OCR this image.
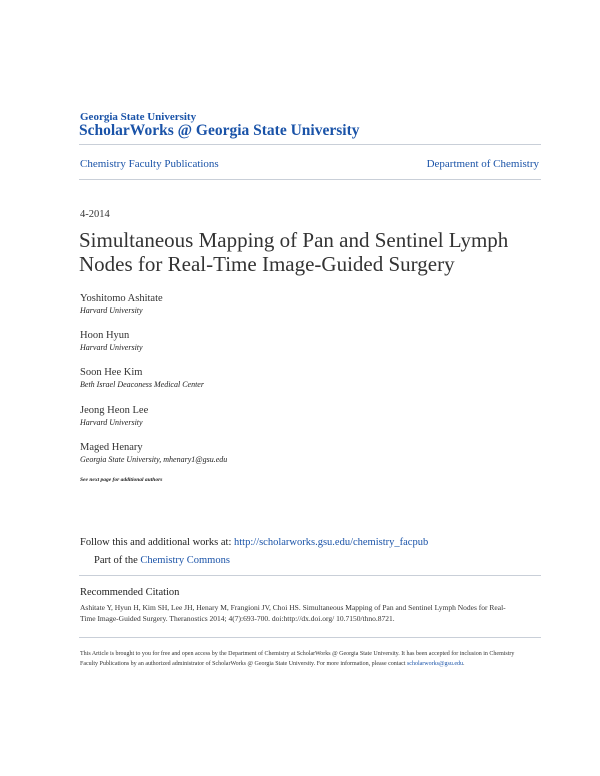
Georgia State University
ScholarWorks @ Georgia State University
Chemistry Faculty Publications	Department of Chemistry
4-2014
Simultaneous Mapping of Pan and Sentinel Lymph Nodes for Real-Time Image-Guided Surgery
Yoshitomo Ashitate
Harvard University
Hoon Hyun
Harvard University
Soon Hee Kim
Beth Israel Deaconess Medical Center
Jeong Heon Lee
Harvard University
Maged Henary
Georgia State University, mhenary1@gsu.edu
See next page for additional authors
Follow this and additional works at: http://scholarworks.gsu.edu/chemistry_facpub
Part of the Chemistry Commons
Recommended Citation
Ashitate Y, Hyun H, Kim SH, Lee JH, Henary M, Frangioni JV, Choi HS. Simultaneous Mapping of Pan and Sentinel Lymph Nodes for Real-Time Image-Guided Surgery. Theranostics 2014; 4(7):693-700. doi:http://dx.doi.org/ 10.7150/thno.8721.
This Article is brought to you for free and open access by the Department of Chemistry at ScholarWorks @ Georgia State University. It has been accepted for inclusion in Chemistry Faculty Publications by an authorized administrator of ScholarWorks @ Georgia State University. For more information, please contact scholarworks@gsu.edu.
